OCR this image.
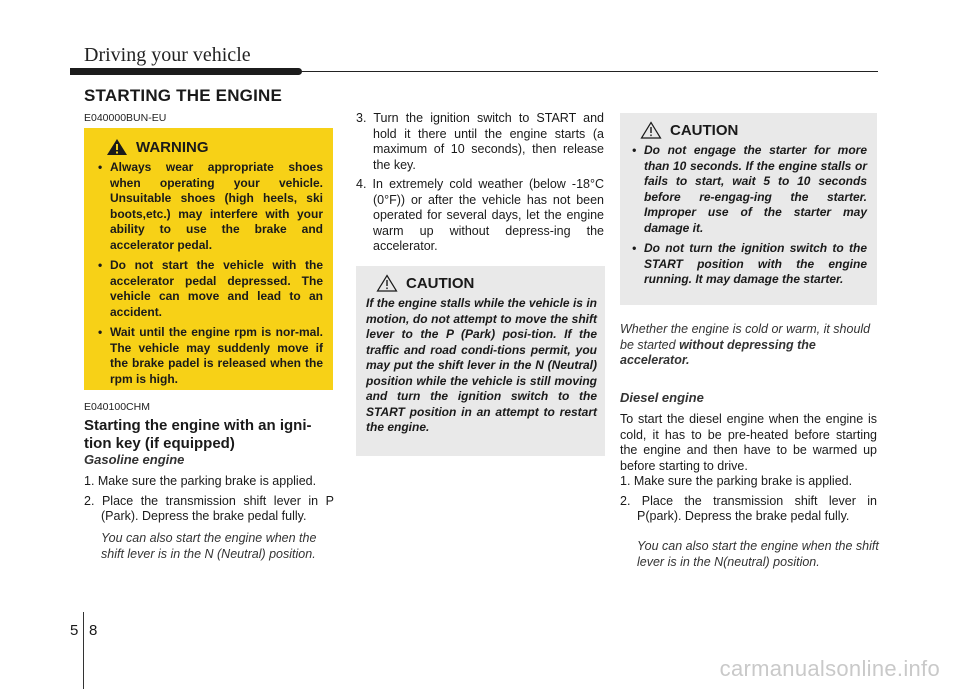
Driving your vehicle
STARTING THE ENGINE
E040000BUN-EU
WARNING
• Always wear appropriate shoes when operating your vehicle. Unsuitable shoes (high heels, ski boots,etc.) may interfere with your ability to use the brake and accelerator pedal.
• Do not start the vehicle with the accelerator pedal depressed. The vehicle can move and lead to an accident.
• Wait until the engine rpm is nor-mal. The vehicle may suddenly move if the brake padel is released when the rpm is high.
E040100CHM
Starting the engine with an igni-tion key (if equipped)
Gasoline engine
1. Make sure the parking brake is applied.
2. Place the transmission shift lever in P (Park). Depress the brake pedal fully.
You can also start the engine when the shift lever is in the N (Neutral) position.
3. Turn the ignition switch to START and hold it there until the engine starts (a maximum of 10 seconds), then release the key.
4. In extremely cold weather (below -18°C (0°F)) or after the vehicle has not been operated for several days, let the engine warm up without depress-ing the accelerator.
CAUTION
If the engine stalls while the vehicle is in motion, do not attempt to move the shift lever to the P (Park) posi-tion. If the traffic and road condi-tions permit, you may put the shift lever in the N (Neutral) position while the vehicle is still moving and turn the ignition switch to the START position in an attempt to restart the engine.
CAUTION
• Do not engage the starter for more than 10 seconds. If the engine stalls or fails to start, wait 5 to 10 seconds before re-engag-ing the starter. Improper use of the starter may damage it.
• Do not turn the ignition switch to the START position with the engine running. It may damage the starter.
Whether the engine is cold or warm, it should be started without depressing the accelerator.
Diesel engine
To start the diesel engine when the engine is cold, it has to be pre-heated before starting the engine and then have to be warmed up before starting to drive.
1. Make sure the parking brake is applied.
2. Place the transmission shift lever in P(park). Depress the brake pedal fully.
You can also start the engine when the shift lever is in the N(neutral) position.
5 8
carmanualsonline.info
